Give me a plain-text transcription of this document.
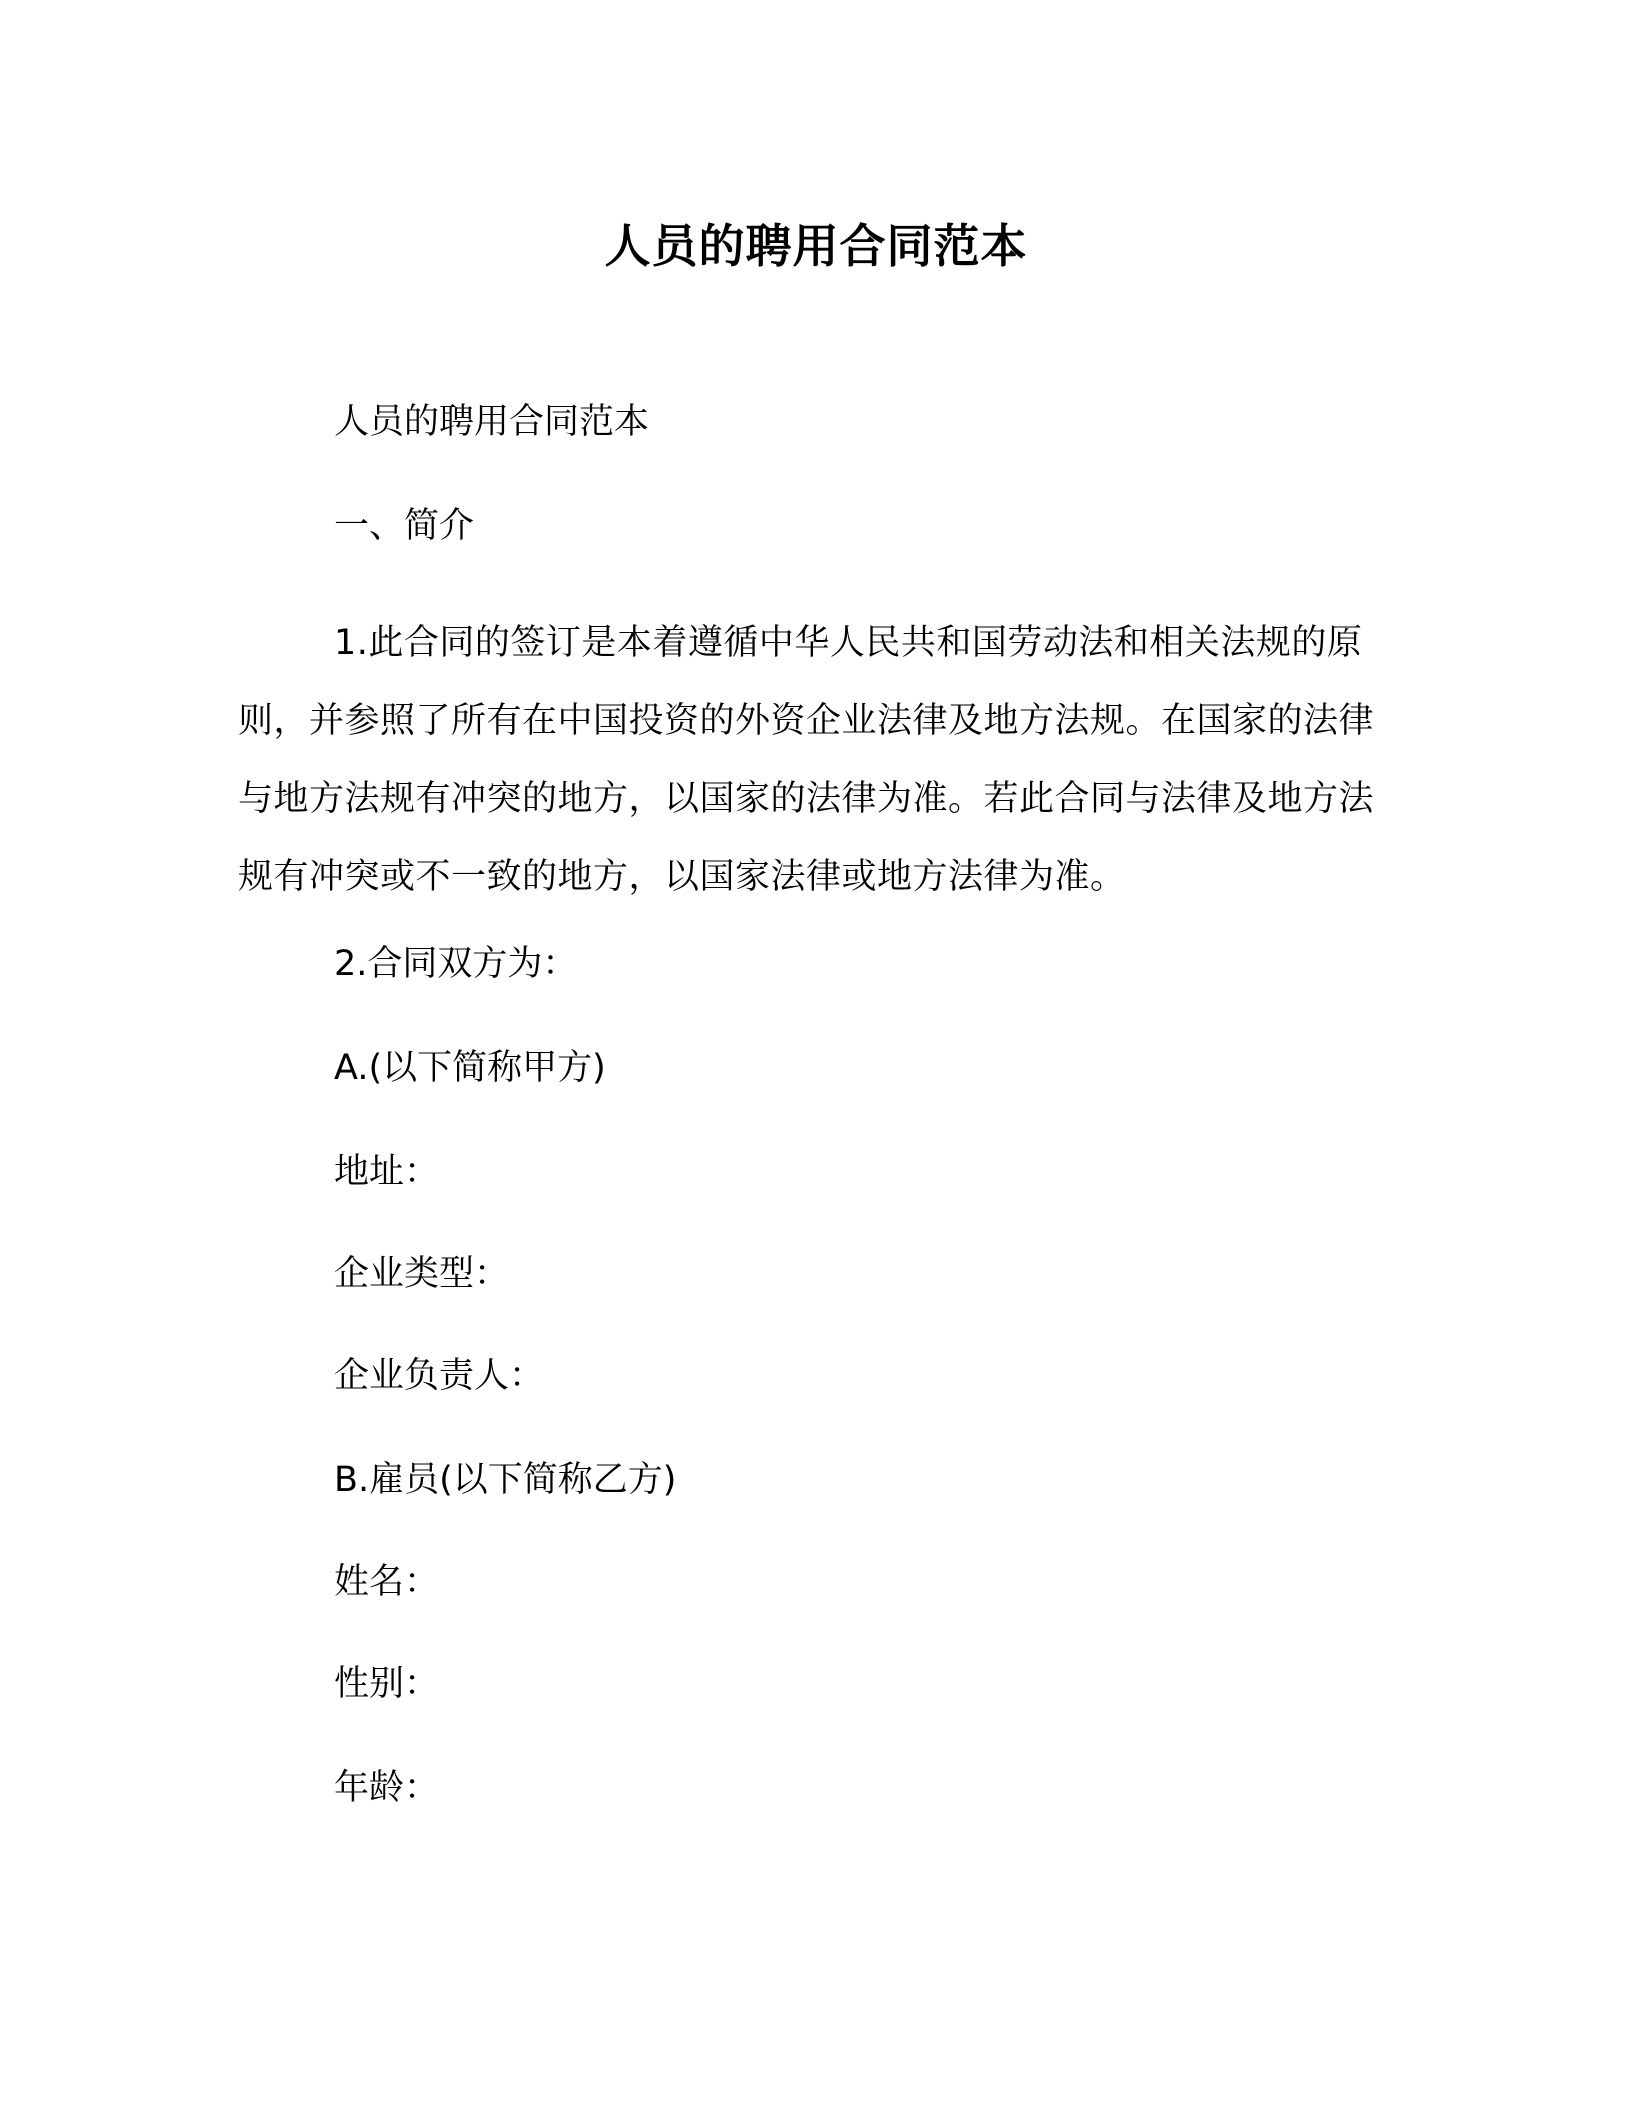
人员的聘用合同范本

人员的聘用合同范本

一、简介

1.此合同的签订是本着遵循中华人民共和国劳动法和相关法规的原则，并参照了所有在中国投资的外资企业法律及地方法规。在国家的法律与地方法规有冲突的地方，以国家的法律为准。若此合同与法律及地方法规有冲突或不一致的地方，以国家法律或地方法律为准。

2.合同双方为：

A.(以下简称甲方)

地址：

企业类型：

企业负责人：

B.雇员(以下简称乙方)

姓名：

性别：

年龄：
